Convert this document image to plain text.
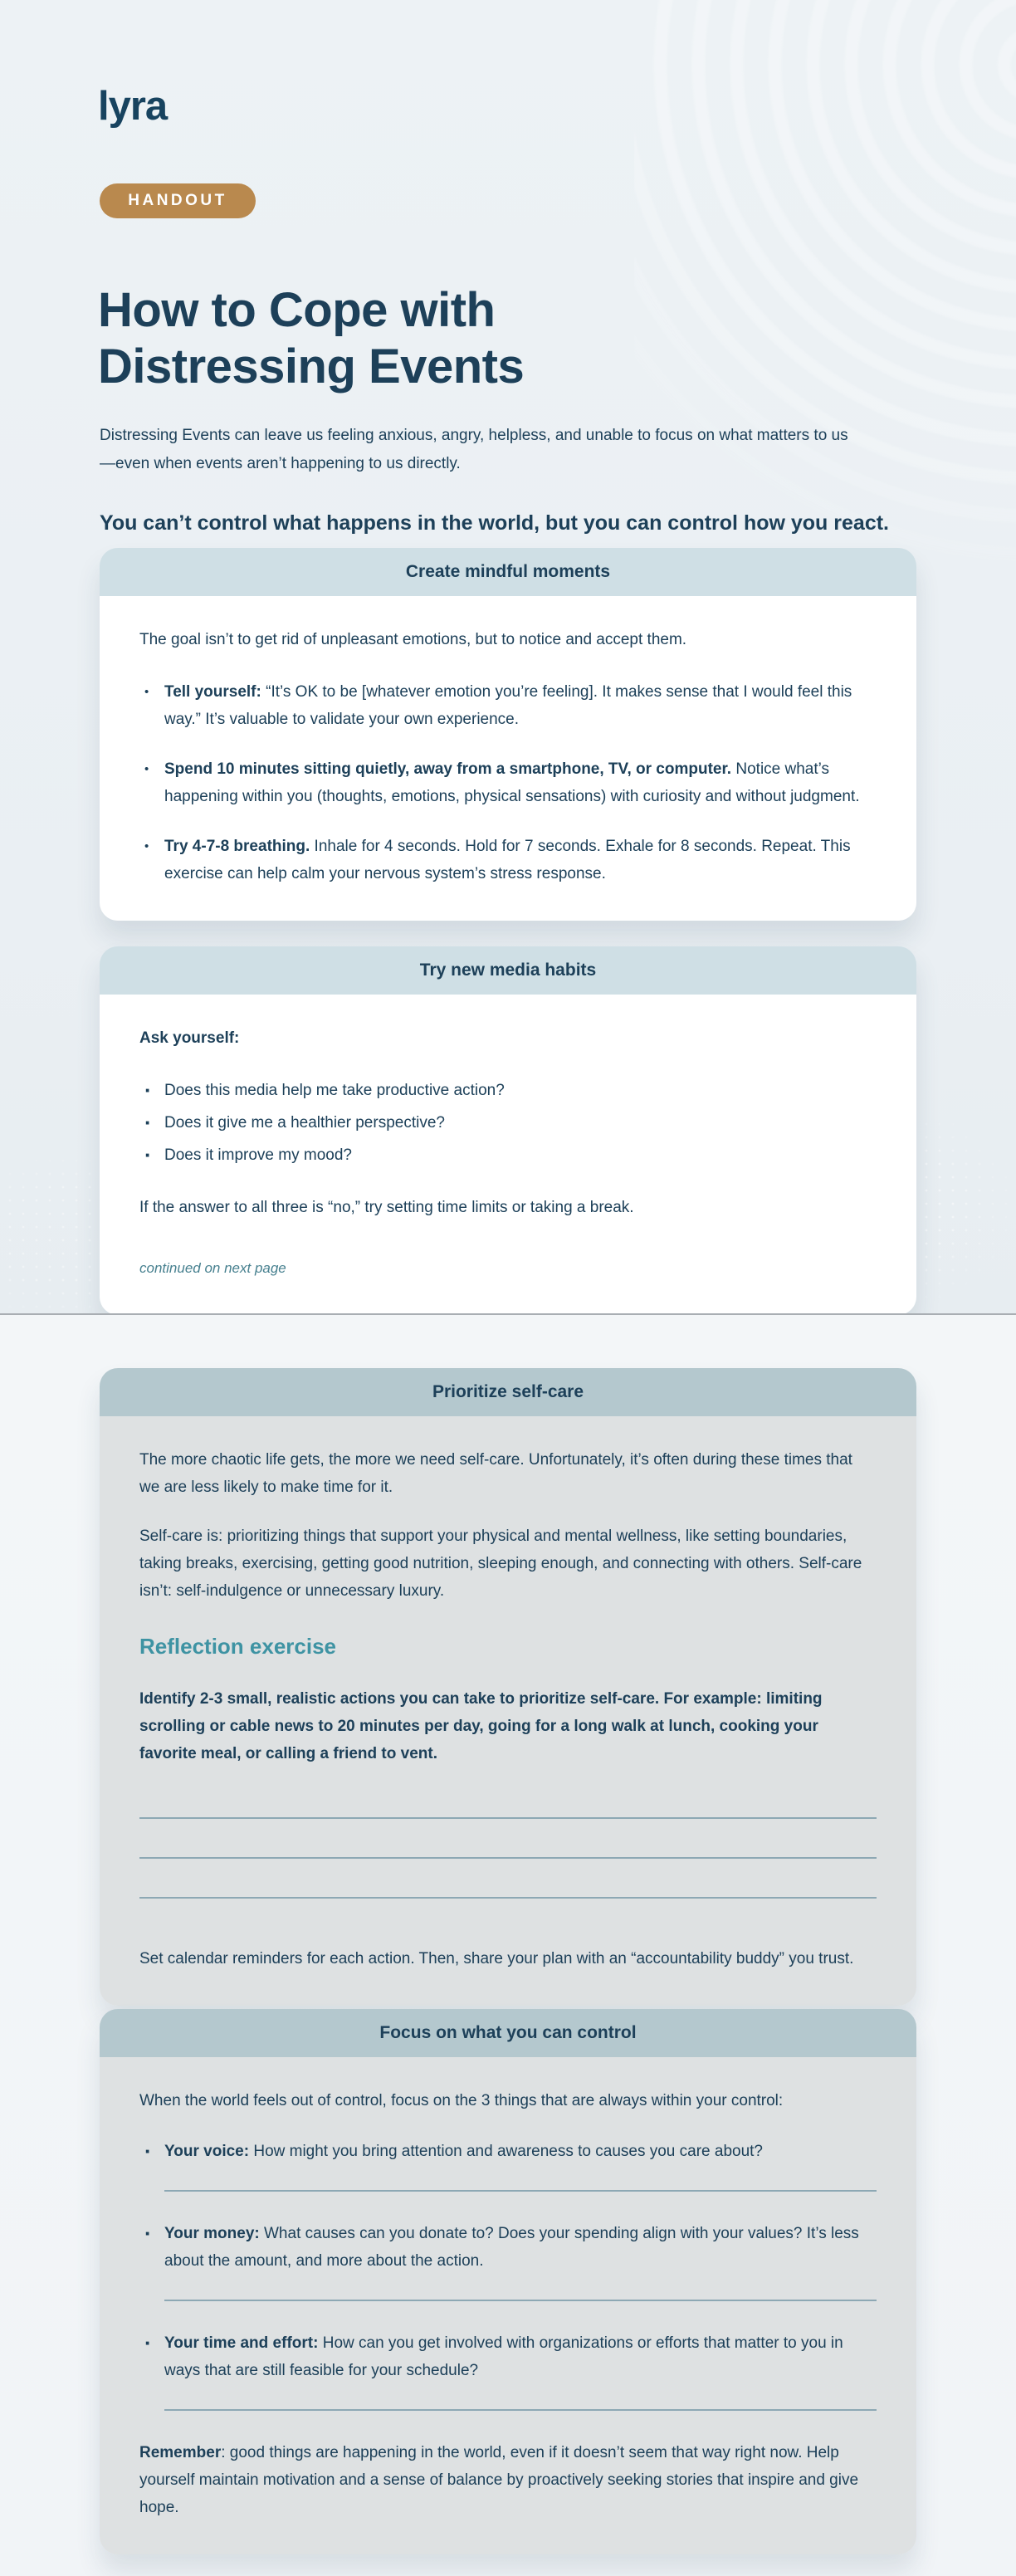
lyra
HANDOUT
How to Cope with
Distressing Events

Distressing Events can leave us feeling anxious, angry, helpless, and unable to focus on what matters to us—even when events aren’t happening to us directly.

You can’t control what happens in the world, but you can control how you react.

Create mindful moments

The goal isn’t to get rid of unpleasant emotions, but to notice and accept them.

• Tell yourself: “It’s OK to be [whatever emotion you’re feeling]. It makes sense that I would feel this way.” It’s valuable to validate your own experience.
• Spend 10 minutes sitting quietly, away from a smartphone, TV, or computer. Notice what’s happening within you (thoughts, emotions, physical sensations) with curiosity and without judgment.
• Try 4-7-8 breathing. Inhale for 4 seconds. Hold for 7 seconds. Exhale for 8 seconds. Repeat. This exercise can help calm your nervous system’s stress response.
Try new media habits

Ask yourself:

· Does this media help me take productive action?
· Does it give me a healthier perspective?
· Does it improve my mood?

If the answer to all three is “no,” try setting time limits or taking a break.

continued on next page
Prioritize self-care

The more chaotic life gets, the more we need self-care. Unfortunately, it’s often during these times that we are less likely to make time for it.

Self-care is: prioritizing things that support your physical and mental wellness, like setting boundaries, taking breaks, exercising, getting good nutrition, sleeping enough, and connecting with others. Self-care isn’t: self-indulgence or unnecessary luxury.

Reflection exercise

Identify 2-3 small, realistic actions you can take to prioritize self-care. For example: limiting scrolling or cable news to 20 minutes per day, going for a long walk at lunch, cooking your favorite meal, or calling a friend to vent.

Set calendar reminders for each action. Then, share your plan with an “accountability buddy” you trust.

Focus on what you can control

When the world feels out of control, focus on the 3 things that are always within your control:

· Your voice: How might you bring attention and awareness to causes you care about?
· Your money: What causes can you donate to? Does your spending align with your values? It’s less about the amount, and more about the action.
· Your time and effort: How can you get involved with organizations or efforts that matter to you in ways that are still feasible for your schedule?

Remember: good things are happening in the world, even if it doesn’t seem that way right now. Help yourself maintain motivation and a sense of balance by proactively seeking stories that inspire and give hope.
